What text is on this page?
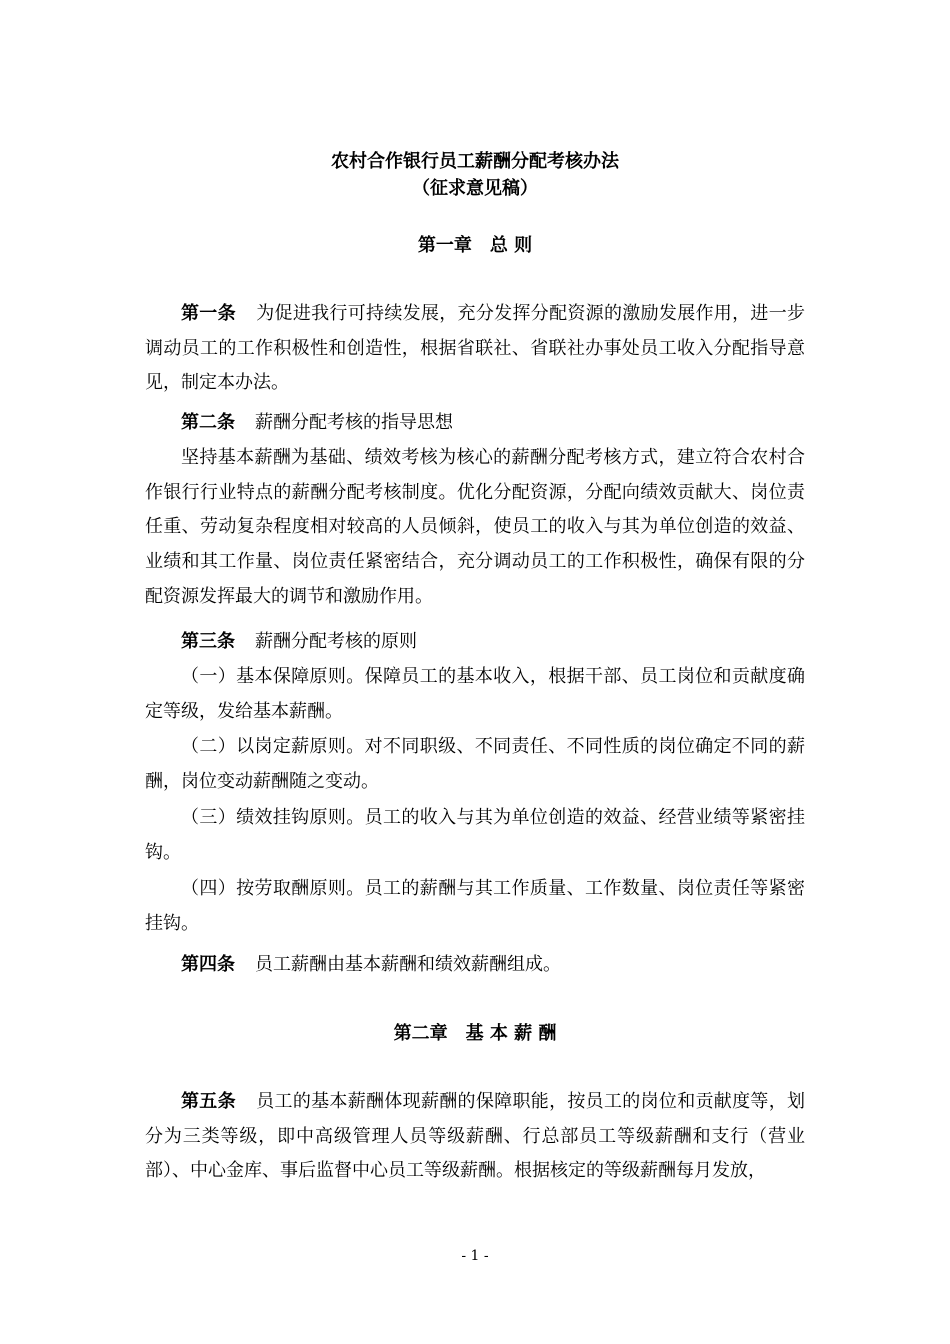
农村合作银行员工薪酬分配考核办法
（征求意见稿）
第一章　总 则
第一条 为促进我行可持续发展，充分发挥分配资源的激励发展作用，进一步调动员工的工作积极性和创造性，根据省联社、省联社办事处员工收入分配指导意见，制定本办法。
第二条 薪酬分配考核的指导思想
坚持基本薪酬为基础、绩效考核为核心的薪酬分配考核方式，建立符合农村合作银行行业特点的薪酬分配考核制度。优化分配资源，分配向绩效贡献大、岗位责任重、劳动复杂程度相对较高的人员倾斜，使员工的收入与其为单位创造的效益、业绩和其工作量、岗位责任紧密结合，充分调动员工的工作积极性，确保有限的分配资源发挥最大的调节和激励作用。
第三条 薪酬分配考核的原则
（一）基本保障原则。保障员工的基本收入，根据干部、员工岗位和贡献度确定等级，发给基本薪酬。
（二）以岗定薪原则。对不同职级、不同责任、不同性质的岗位确定不同的薪酬，岗位变动薪酬随之变动。
（三）绩效挂钩原则。员工的收入与其为单位创造的效益、经营业绩等紧密挂钩。
（四）按劳取酬原则。员工的薪酬与其工作质量、工作数量、岗位责任等紧密挂钩。
第四条 员工薪酬由基本薪酬和绩效薪酬组成。
第二章　基 本 薪 酬
第五条 员工的基本薪酬体现薪酬的保障职能，按员工的岗位和贡献度等，划分为三类等级，即中高级管理人员等级薪酬、行总部员工等级薪酬和支行（营业部）、中心金库、事后监督中心员工等级薪酬。根据核定的等级薪酬每月发放，
- 1 -
